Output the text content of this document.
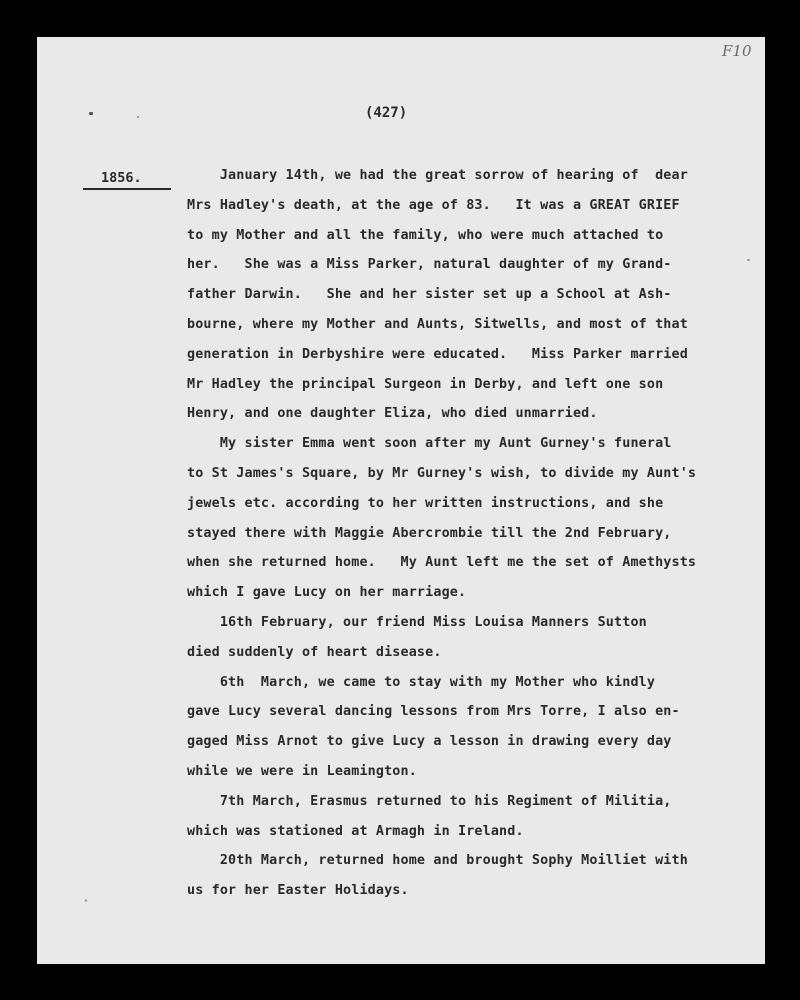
F10
(427)
1856.	January 14th, we had the great sorrow of hearing of  dear
Mrs Hadley's death, at the age of 83.   It was a GREAT GRIEF
to my Mother and all the family, who were much attached to
her.   She was a Miss Parker, natural daughter of my Grand-
father Darwin.   She and her sister set up a School at Ash-
bourne, where my Mother and Aunts, Sitwells, and most of that
generation in Derbyshire were educated.   Miss Parker married
Mr Hadley the principal Surgeon in Derby, and left one son
Henry, and one daughter Eliza, who died unmarried.
My sister Emma went soon after my Aunt Gurney's funeral
to St James's Square, by Mr Gurney's wish, to divide my Aunt's
jewels etc. according to her written instructions, and she
stayed there with Maggie Abercrombie till the 2nd February,
when she returned home.   My Aunt left me the set of Amethysts
which I gave Lucy on her marriage.
16th February, our friend Miss Louisa Manners Sutton
died suddenly of heart disease.
6th  March, we came to stay with my Mother who kindly
gave Lucy several dancing lessons from Mrs Torre, I also en-
gaged Miss Arnot to give Lucy a lesson in drawing every day
while we were in Leamington.
7th March, Erasmus returned to his Regiment of Militia,
which was stationed at Armagh in Ireland.
20th March, returned home and brought Sophy Moilliet with
us for her Easter Holidays.
